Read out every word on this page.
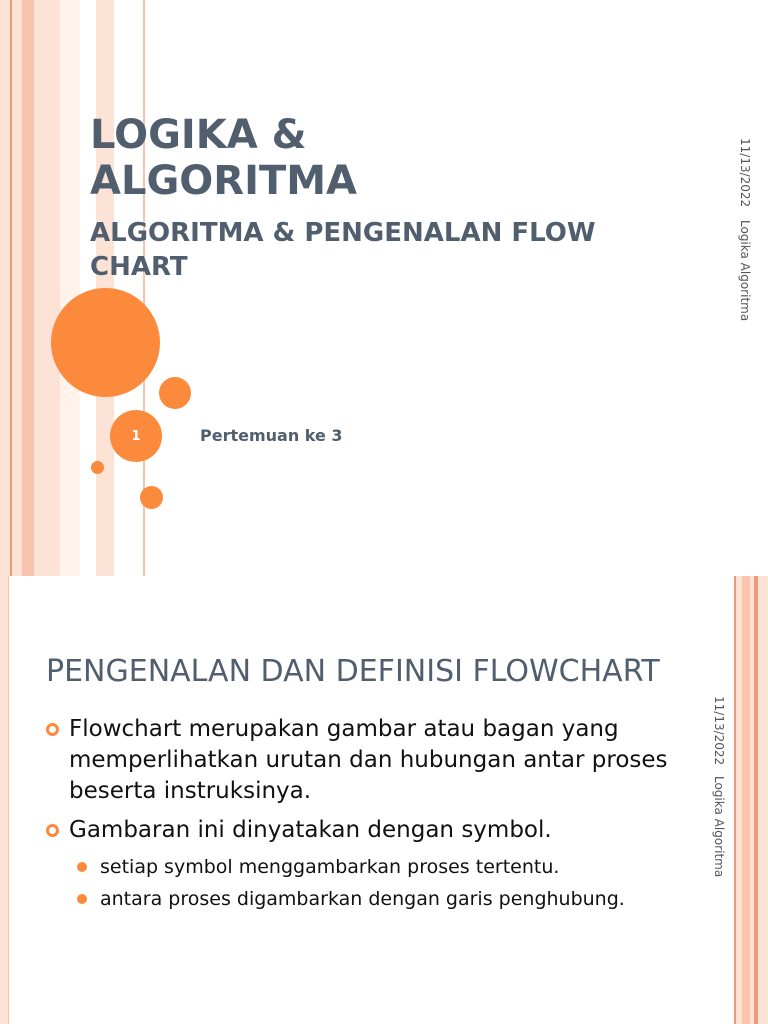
LOGIKA &
ALGORITMA
ALGORITMA & PENGENALAN FLOW
CHART
11/13/2022
Logika Algoritma
1	Pertemuan ke 3
PENGENALAN DAN DEFINISI FLOWCHART
11/13/2022
Logika Algoritma
Flowchart merupakan gambar atau bagan yang memperlihatkan urutan dan hubungan antar proses beserta instruksinya.
Gambaran ini dinyatakan dengan symbol.
setiap symbol menggambarkan proses tertentu.
antara proses digambarkan dengan garis penghubung.
